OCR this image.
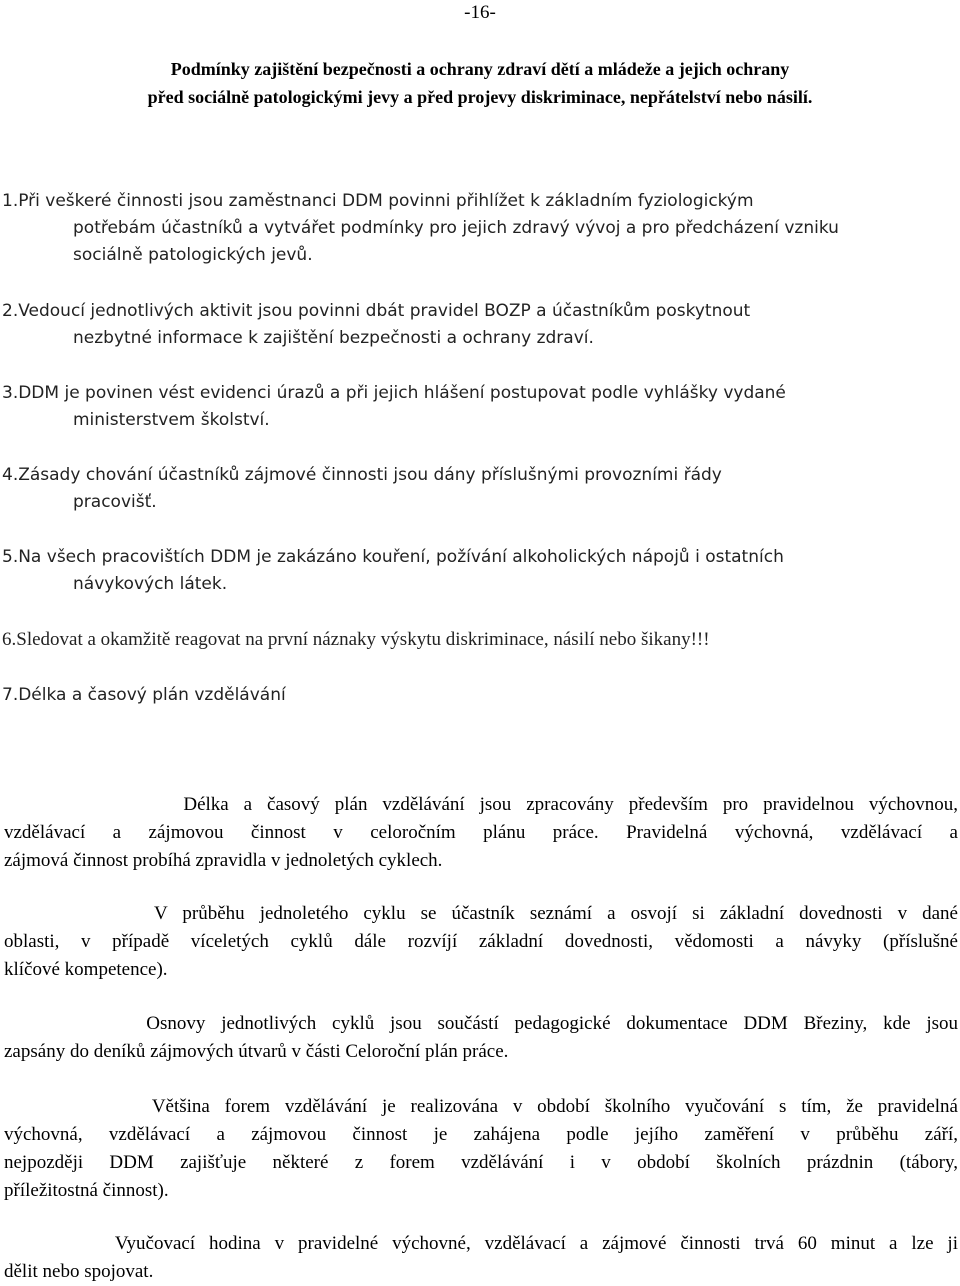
-16-
Podmínky zajištění bezpečnosti a ochrany zdraví dětí a mládeže a jejich ochrany
před sociálně patologickými jevy a před projevy diskriminace, nepřátelství nebo násilí.
1.Při veškeré činnosti jsou zaměstnanci DDM povinni přihlížet k základním fyziologickým
potřebám účastníků a vytvářet podmínky pro jejich zdravý vývoj a pro předcházení vzniku
sociálně patologických jevů.
2.Vedoucí jednotlivých aktivit jsou povinni dbát pravidel BOZP a účastníkům poskytnout
nezbytné informace k zajištění bezpečnosti a ochrany zdraví.
3.DDM je povinen vést evidenci úrazů a při jejich hlášení postupovat podle vyhlášky vydané
ministerstvem školství.
4.Zásady chování účastníků zájmové činnosti jsou dány příslušnými provozními řády
pracovišť.
5.Na všech pracovištích DDM je zakázáno kouření, požívání alkoholických nápojů i ostatních
návykových látek.
6.Sledovat a okamžitě reagovat na první náznaky výskytu diskriminace, násilí nebo šikany!!!
7.Délka a časový plán vzdělávání
Délka a časový plán vzdělávání jsou zpracovány především pro pravidelnou výchovnou,
vzdělávací a zájmovou činnost v celoročním plánu práce. Pravidelná výchovná, vzdělávací a
zájmová činnost probíhá zpravidla v jednoletých cyklech.
V průběhu jednoletého cyklu se účastník seznámí a osvojí si základní dovednosti v dané
oblasti, v případě víceletých cyklů dále rozvíjí základní dovednosti, vědomosti a návyky (příslušné
klíčové kompetence).
Osnovy jednotlivých cyklů jsou součástí pedagogické dokumentace DDM Březiny, kde jsou
zapsány do deníků zájmových útvarů v části Celoroční plán práce.
Většina forem vzdělávání je realizována v období školního vyučování s tím, že pravidelná
výchovná, vzdělávací a zájmovou činnost je zahájena podle jejího zaměření v průběhu září,
nejpozději DDM zajišťuje některé z forem vzdělávání i v období školních prázdnin (tábory,
příležitostná činnost).
Vyučovací hodina v pravidelné výchovné, vzdělávací a zájmové činnosti trvá 60 minut a lze ji
dělit nebo spojovat.
